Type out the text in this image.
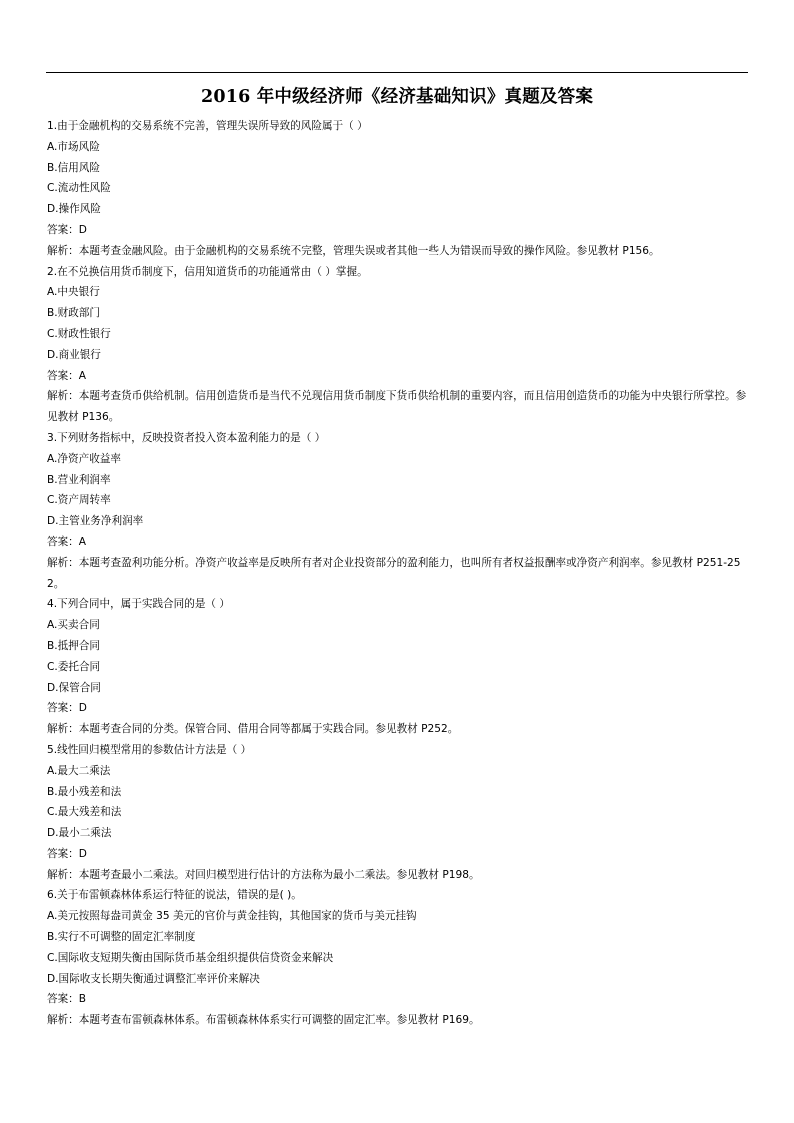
2016 年中级经济师《经济基础知识》真题及答案
1.由于金融机构的交易系统不完善，管理失误所导致的风险属于（ ）
A.市场风险
B.信用风险
C.流动性风险
D.操作风险
答案：D
解析：本题考查金融风险。由于金融机构的交易系统不完整，管理失误或者其他一些人为错误而导致的操作风险。参见教材 P156。
2.在不兑换信用货币制度下，信用知道货币的功能通常由（ ）掌握。
A.中央银行
B.财政部门
C.财政性银行
D.商业银行
答案：A
解析：本题考查货币供给机制。信用创造货币是当代不兑现信用货币制度下货币供给机制的重要内容，而且信用创造货币的功能为中央银行所掌控。参见教材 P136。
3.下列财务指标中，反映投资者投入资本盈利能力的是（ ）
A.净资产收益率
B.营业利润率
C.资产周转率
D.主管业务净利润率
答案：A
解析：本题考查盈利功能分析。净资产收益率是反映所有者对企业投资部分的盈利能力，也叫所有者权益报酬率或净资产利润率。参见教材 P251-252。
4.下列合同中，属于实践合同的是（ ）
A.买卖合同
B.抵押合同
C.委托合同
D.保管合同
答案：D
解析：本题考查合同的分类。保管合同、借用合同等都属于实践合同。参见教材 P252。
5.线性回归模型常用的参数估计方法是（ ）
A.最大二乘法
B.最小残差和法
C.最大残差和法
D.最小二乘法
答案：D
解析：本题考查最小二乘法。对回归模型进行估计的方法称为最小二乘法。参见教材 P198。
6.关于布雷顿森林体系运行特征的说法，错误的是( )。
A.美元按照每盎司黄金 35 美元的官价与黄金挂钩，其他国家的货币与美元挂钩
B.实行不可调整的固定汇率制度
C.国际收支短期失衡由国际货币基金组织提供信贷资金来解决
D.国际收支长期失衡通过调整汇率评价来解决
答案：B
解析：本题考查布雷顿森林体系。布雷顿森林体系实行可调整的固定汇率。参见教材 P169。
